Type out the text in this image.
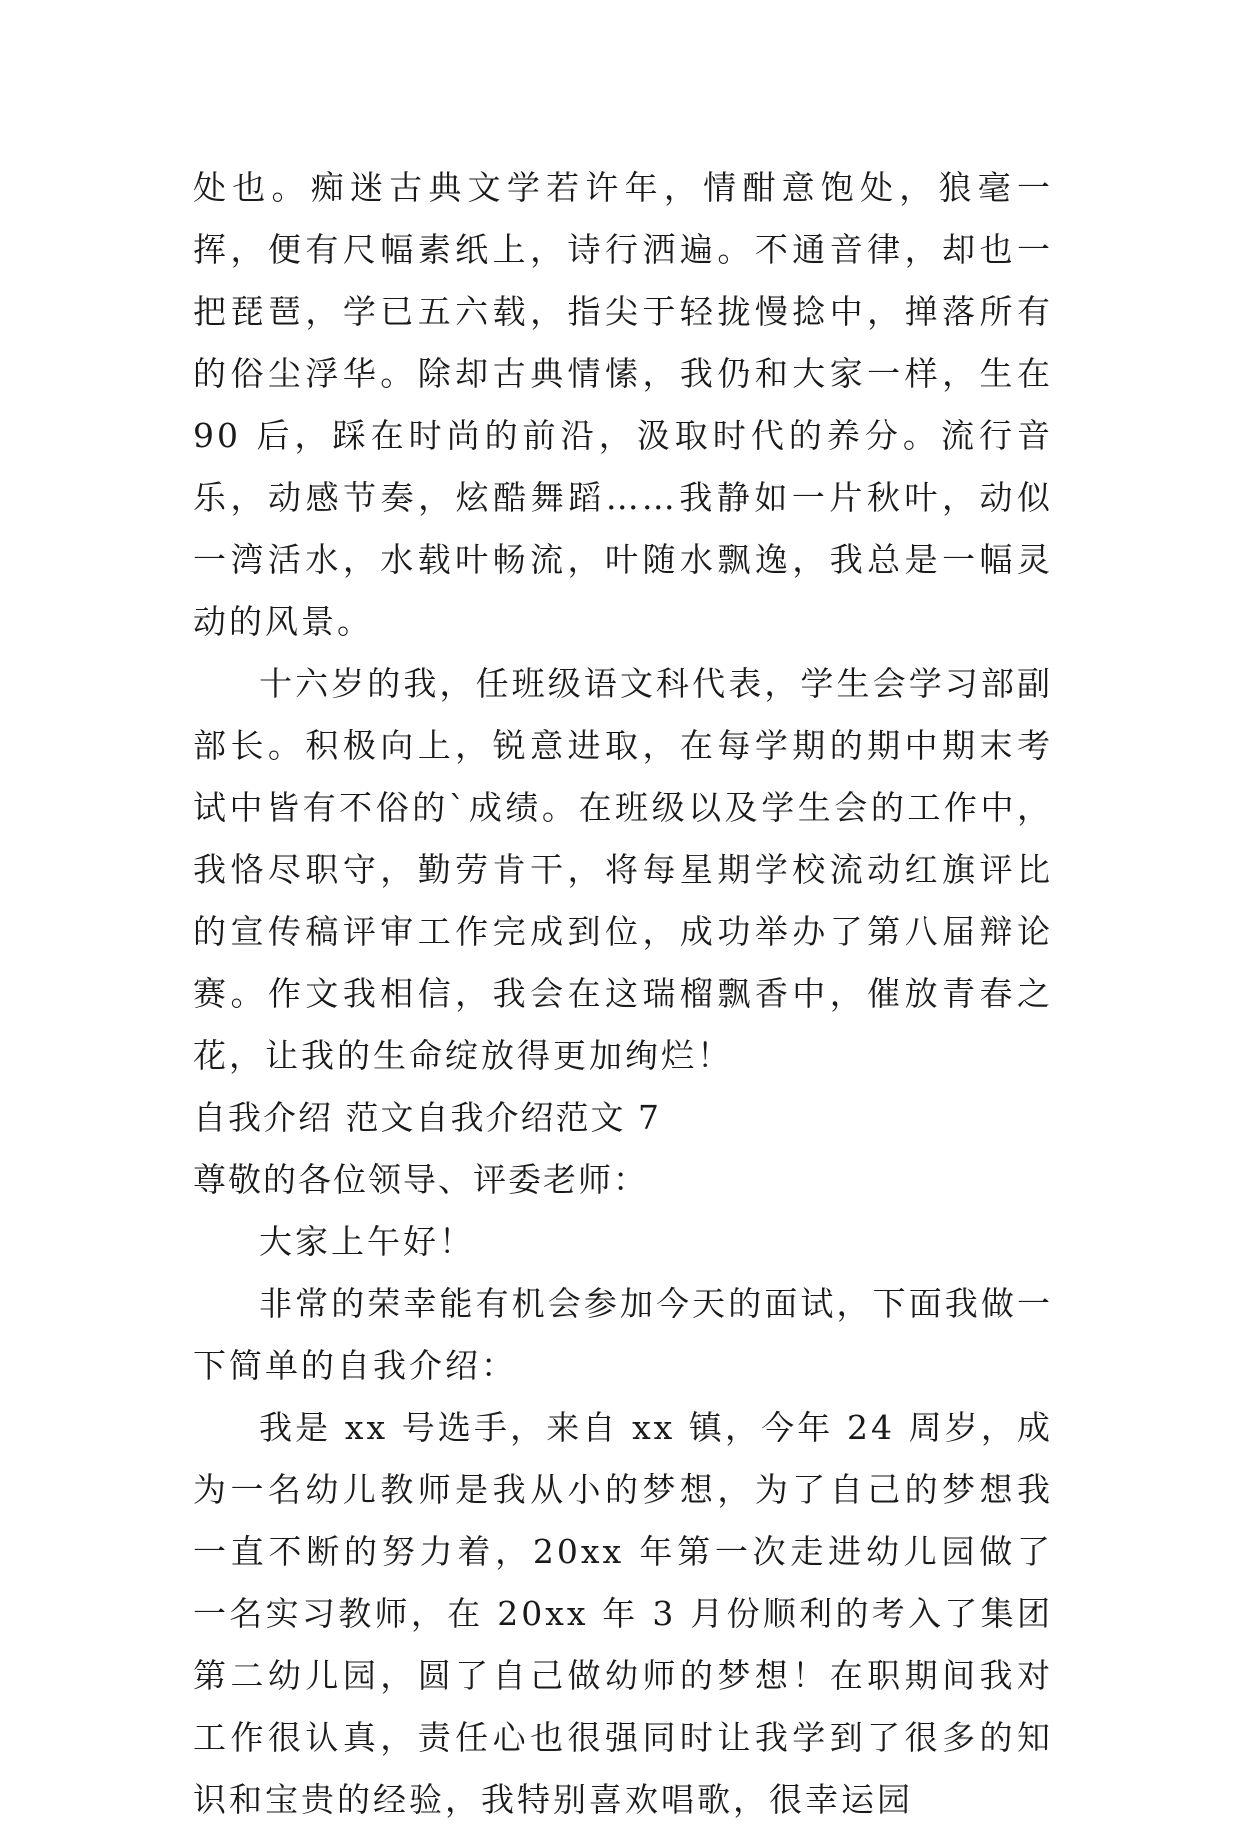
处也。痴迷古典文学若许年，情酣意饱处，狼毫一挥，便有尺幅素纸上，诗行洒遍。不通音律，却也一把琵琶，学已五六载，指尖于轻拢慢捻中，掸落所有的俗尘浮华。除却古典情愫，我仍和大家一样，生在 90 后，踩在时尚的前沿，汲取时代的养分。流行音乐，动感节奏，炫酷舞蹈……我静如一片秋叶，动似一湾活水，水载叶畅流，叶随水飘逸，我总是一幅灵动的风景。

十六岁的我，任班级语文科代表，学生会学习部副部长。积极向上，锐意进取，在每学期的期中期末考试中皆有不俗的`成绩。在班级以及学生会的工作中，我恪尽职守，勤劳肯干，将每星期学校流动红旗评比的宣传稿评审工作完成到位，成功举办了第八届辩论赛。作文我相信，我会在这瑞榴飘香中，催放青春之花，让我的生命绽放得更加绚烂！

自我介绍 范文自我介绍范文 7

尊敬的各位领导、评委老师：

大家上午好！

非常的荣幸能有机会参加今天的面试，下面我做一下简单的自我介绍：

我是 xx 号选手，来自 xx 镇，今年 24 周岁，成为一名幼儿教师是我从小的梦想，为了自己的梦想我一直不断的努力着，20xx 年第一次走进幼儿园做了一名实习教师，在 20xx 年 3 月份顺利的考入了集团第二幼儿园，圆了自己做幼师的梦想！在职期间我对工作很认真，责任心也很强同时让我学到了很多的知识和宝贵的经验，我特别喜欢唱歌，很幸运园
